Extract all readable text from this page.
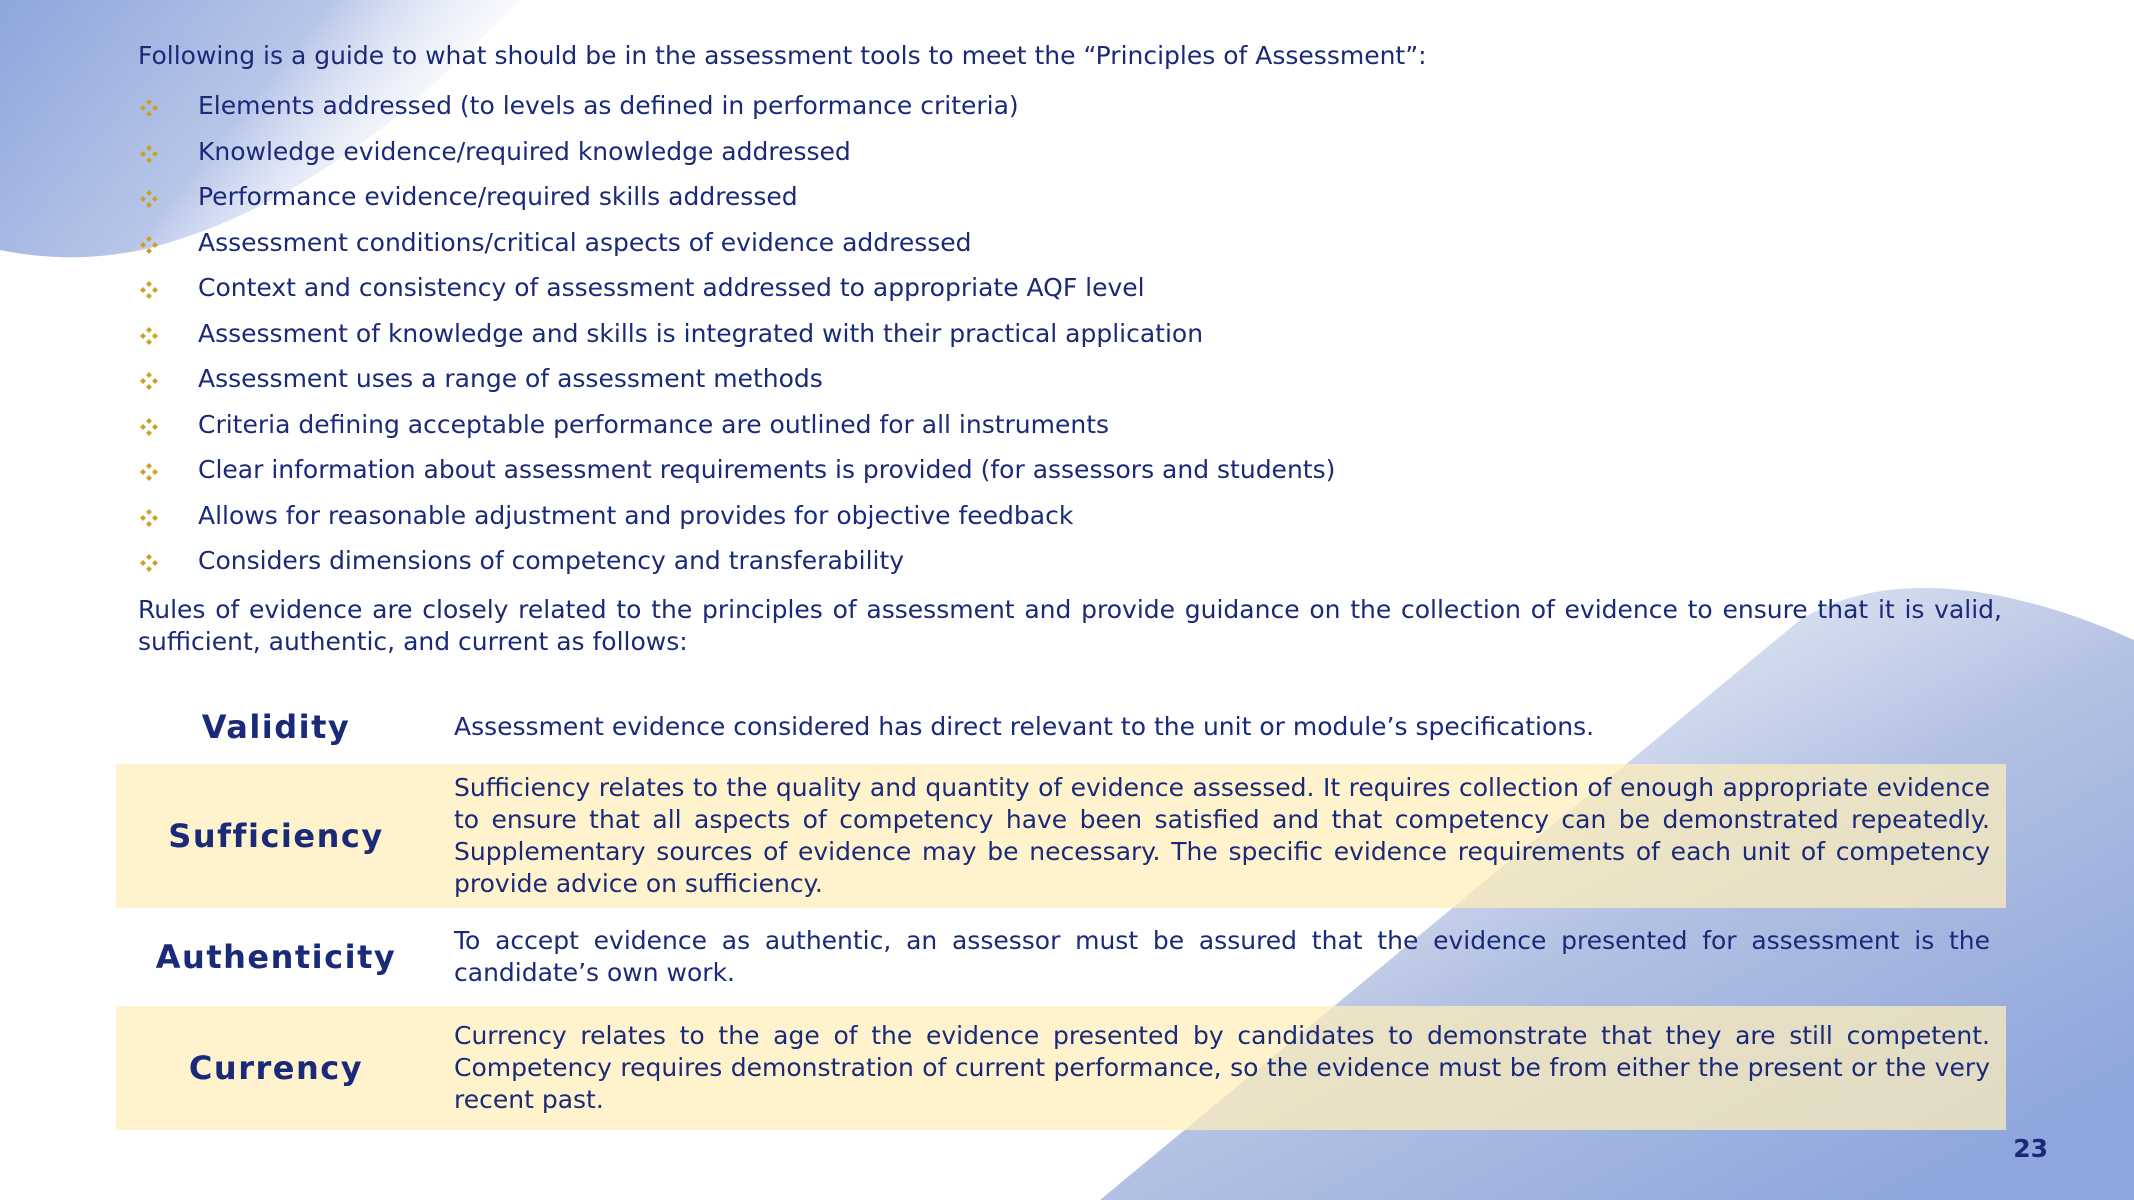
Following is a guide to what should be in the assessment tools to meet the “Principles of Assessment”:

Elements addressed (to levels as defined in performance criteria)
Knowledge evidence/required knowledge addressed
Performance evidence/required skills addressed
Assessment conditions/critical aspects of evidence addressed
Context and consistency of assessment addressed to appropriate AQF level
Assessment of knowledge and skills is integrated with their practical application
Assessment uses a range of assessment methods
Criteria defining acceptable performance are outlined for all instruments
Clear information about assessment requirements is provided (for assessors and students)
Allows for reasonable adjustment and provides for objective feedback
Considers dimensions of competency and transferability

Rules of evidence are closely related to the principles of assessment and provide guidance on the collection of evidence to ensure that it is valid, sufficient, authentic, and current as follows:

Validity	Assessment evidence considered has direct relevant to the unit or module’s specifications.
Sufficiency
Sufficiency relates to the quality and quantity of evidence assessed. It requires collection of enough appropriate evidence to ensure that all aspects of competency have been satisfied and that competency can be demonstrated repeatedly. Supplementary sources of evidence may be necessary. The specific evidence requirements of each unit of competency provide advice on sufficiency.
Authenticity	To accept evidence as authentic, an assessor must be assured that the evidence presented for assessment is the candidate’s own work.
Currency
Currency relates to the age of the evidence presented by candidates to demonstrate that they are still competent. Competency requires demonstration of current performance, so the evidence must be from either the present or the very recent past.
23
